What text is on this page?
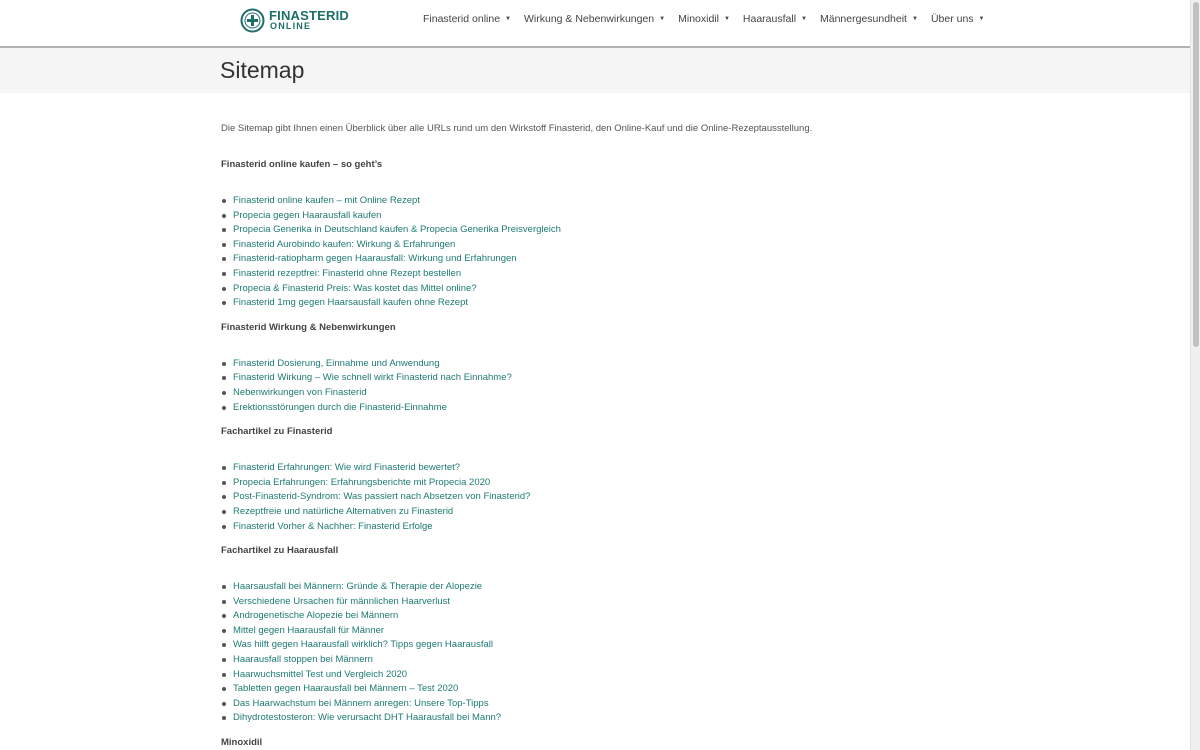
FINASTERID
ONLINE
Finasterid online ▼ Wirkung & Nebenwirkungen ▼ Minoxidil ▼ Haarausfall ▼ Männergesundheit ▼ Über uns ▼
Sitemap

Die Sitemap gibt Ihnen einen Überblick über alle URLs rund um den Wirkstoff Finasterid, den Online-Kauf und die Online-Rezeptausstellung.

Finasterid online kaufen – so geht’s
Finasterid online kaufen – mit Online Rezept
Propecia gegen Haarausfall kaufen
Propecia Generika in Deutschland kaufen & Propecia Generika Preisvergleich
Finasterid Aurobindo kaufen: Wirkung & Erfahrungen
Finasterid-ratiopharm gegen Haarausfall: Wirkung und Erfahrungen
Finasterid rezeptfrei: Finasterid ohne Rezept bestellen
Propecia & Finasterid Preis: Was kostet das Mittel online?
Finasterid 1mg gegen Haarsausfall kaufen ohne Rezept
Finasterid Wirkung & Nebenwirkungen
Finasterid Dosierung, Einnahme und Anwendung
Finasterid Wirkung – Wie schnell wirkt Finasterid nach Einnahme?
Nebenwirkungen von Finasterid
Erektionsstörungen durch die Finasterid-Einnahme
Fachartikel zu Finasterid
Finasterid Erfahrungen: Wie wird Finasterid bewertet?
Propecia Erfahrungen: Erfahrungsberichte mit Propecia 2020
Post-Finasterid-Syndrom: Was passiert nach Absetzen von Finasterid?
Rezeptfreie und natürliche Alternativen zu Finasterid
Finasterid Vorher & Nachher: Finasterid Erfolge
Fachartikel zu Haarausfall
Haarsausfall bei Männern: Gründe & Therapie der Alopezie
Verschiedene Ursachen für männlichen Haarverlust
Androgenetische Alopezie bei Männern
Mittel gegen Haarausfall für Männer
Was hilft gegen Haarausfall wirklich? Tipps gegen Haarausfall
Haarausfall stoppen bei Männern
Haarwuchsmittel Test und Vergleich 2020
Tabletten gegen Haarausfall bei Männern – Test 2020
Das Haarwachstum bei Männern anregen: Unsere Top-Tipps
Dihydrotestosteron: Wie verursacht DHT Haarausfall bei Mann?
Minoxidil
